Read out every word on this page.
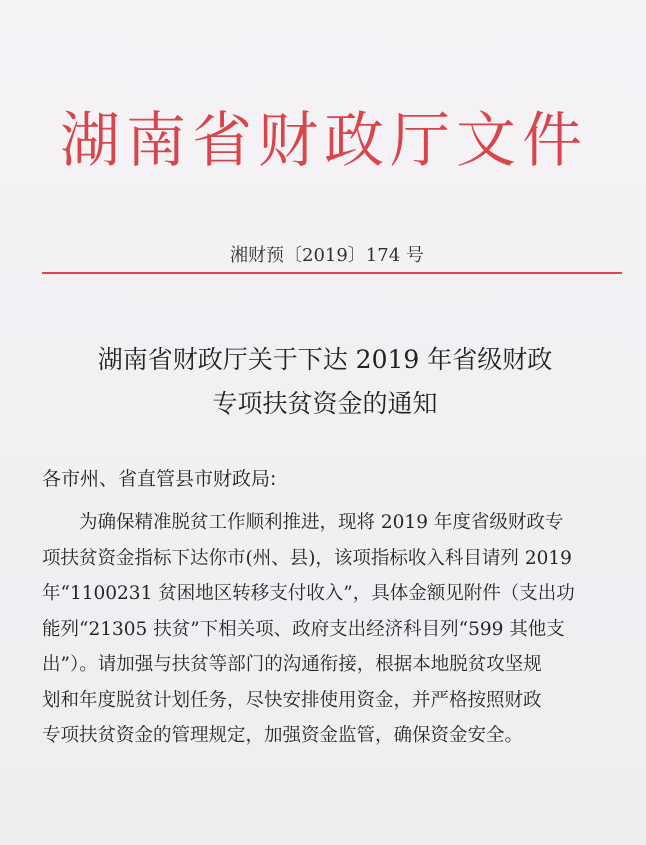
湖南省财政厅文件
湘财预〔2019〕174 号
湖南省财政厅关于下达 2019 年省级财政
专项扶贫资金的通知
各市州、省直管县市财政局:
为确保精准脱贫工作顺利推进，现将 2019 年度省级财政专
项扶贫资金指标下达你市(州、县)，该项指标收入科目请列 2019
年“1100231 贫困地区转移支付收入”，具体金额见附件（支出功
能列“21305 扶贫”下相关项、政府支出经济科目列“599 其他支
出”）。请加强与扶贫等部门的沟通衔接，根据本地脱贫攻坚规
划和年度脱贫计划任务，尽快安排使用资金，并严格按照财政
专项扶贫资金的管理规定，加强资金监管，确保资金安全。
